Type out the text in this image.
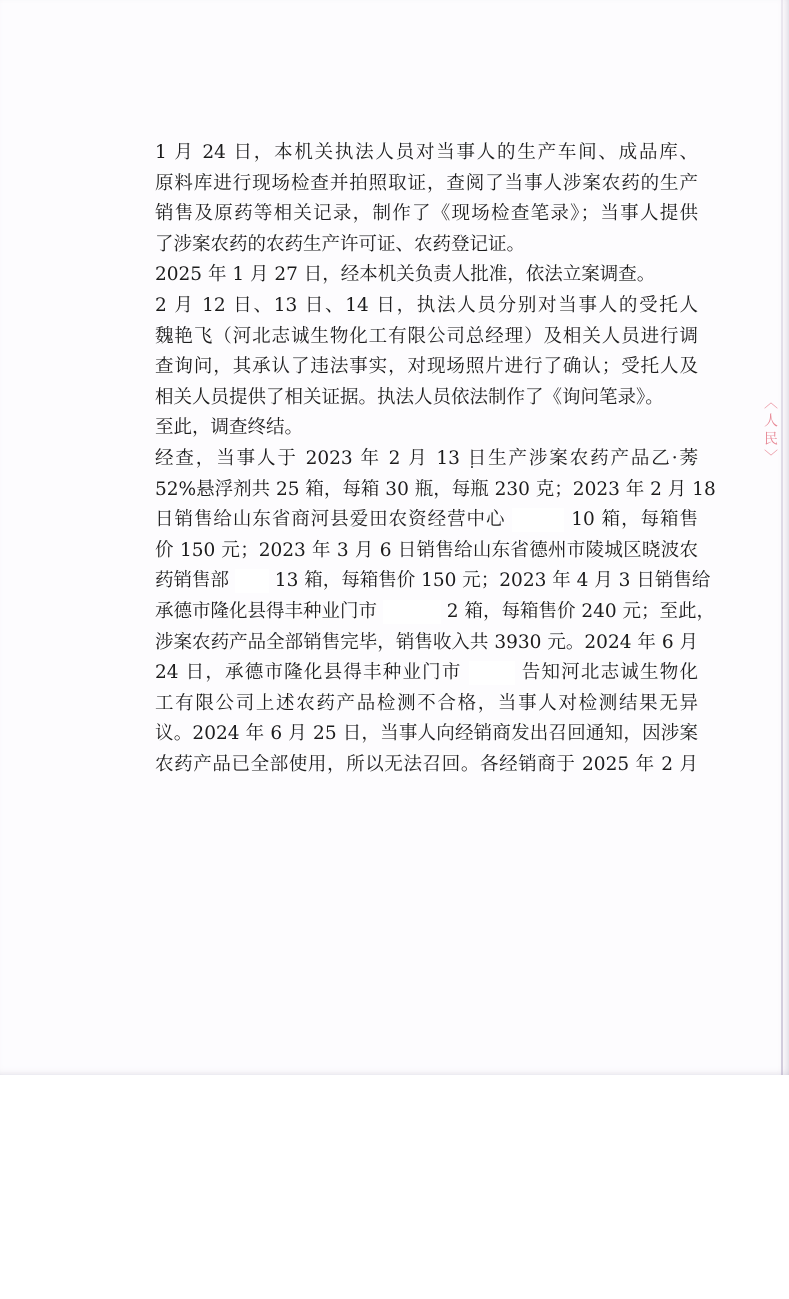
〈人民〉

1 月 24 日，本机关执法人员对当事人的生产车间、成品库、
原料库进行现场检查并拍照取证，查阅了当事人涉案农药的生产
销售及原药等相关记录，制作了《现场检查笔录》；当事人提供
了涉案农药的农药生产许可证、农药登记证。

2025 年 1 月 27 日，经本机关负责人批准，依法立案调查。

2 月 12 日、13 日、14 日，执法人员分别对当事人的受托人
魏艳飞（河北志诚生物化工有限公司总经理）及相关人员进行调
查询问，其承认了违法事实，对现场照片进行了确认；受托人及
相关人员提供了相关证据。执法人员依法制作了《询问笔录》。

至此，调查终结。

经查，当事人于 2023 年 2 月 13 日生产涉案农药产品乙·莠
52%悬浮剂共 25 箱，每箱 30 瓶，每瓶 230 克；2023 年 2 月 18
日销售给山东省商河县爱田农资经营中心	10 箱，每箱售
价 150 元；2023 年 3 月 6 日销售给山东省德州市陵城区晓波农
药销售部 13 箱，每箱售价 150 元；2023 年 4 月 3 日销售给
承德市隆化县得丰种业门市	2 箱，每箱售价 240 元；至此，
涉案农药产品全部销售完毕，销售收入共 3930 元。2024 年 6 月
24 日，承德市隆化县得丰种业门市	告知河北志诚生物化
工有限公司上述农药产品检测不合格，当事人对检测结果无异
议。2024 年 6 月 25 日，当事人向经销商发出召回通知，因涉案
农药产品已全部使用，所以无法召回。各经销商于 2025 年 2 月
